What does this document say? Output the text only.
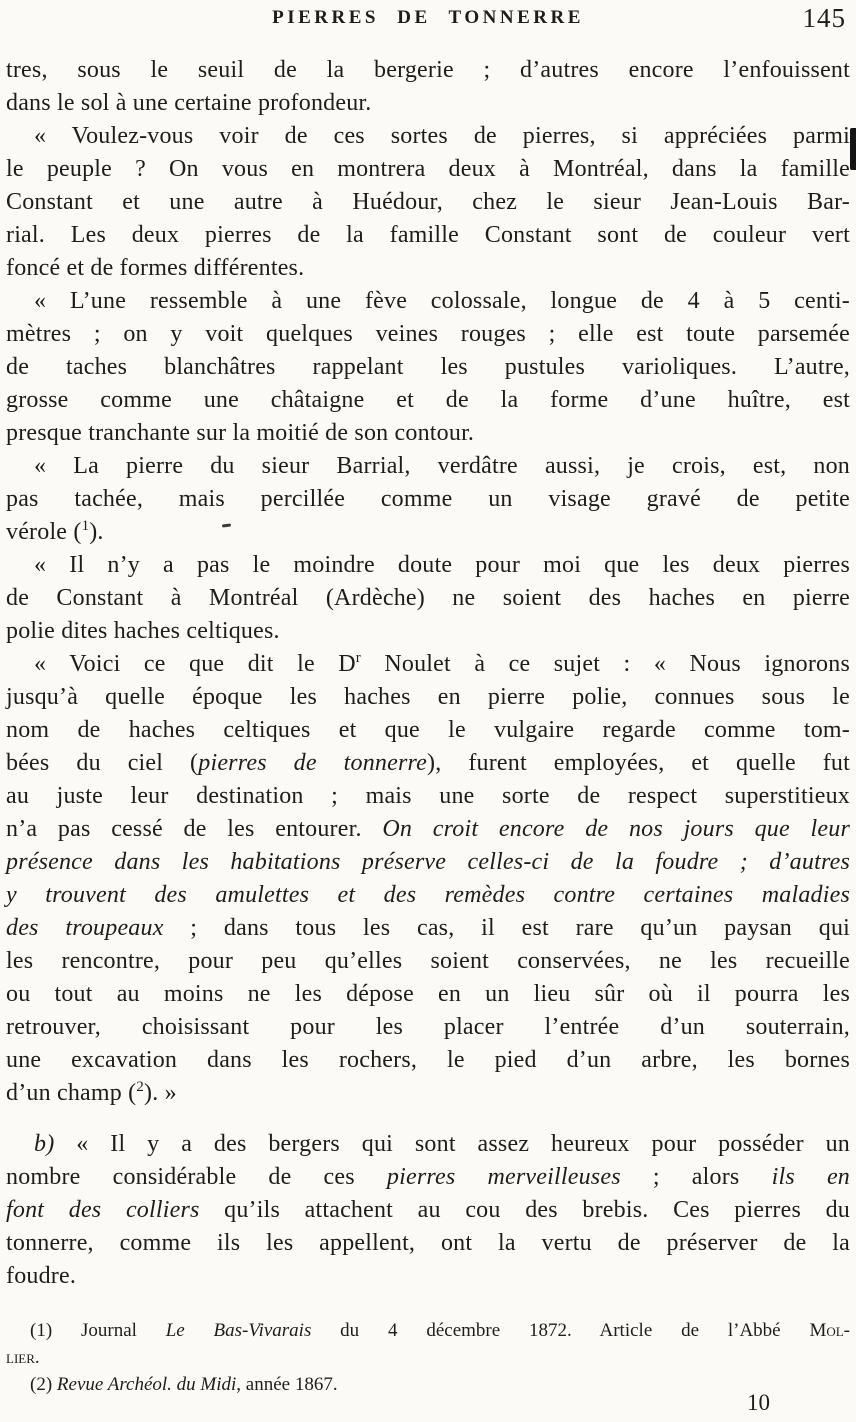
PIERRES DE TONNERRE	145
tres, sous le seuil de la bergerie ; d’autres encore l’enfouissent
dans le sol à une certaine profondeur.
« Voulez-vous voir de ces sortes de pierres, si appréciées parmi
le peuple ? On vous en montrera deux à Montréal, dans la famille
Constant et une autre à Huédour, chez le sieur Jean-Louis Bar-
rial. Les deux pierres de la famille Constant sont de couleur vert
foncé et de formes différentes.
« L’une ressemble à une fève colossale, longue de 4 à 5 centi-
mètres ; on y voit quelques veines rouges ; elle est toute parsemée
de taches blanchâtres rappelant les pustules varioliques. L’autre,
grosse comme une châtaigne et de la forme d’une huître, est
presque tranchante sur la moitié de son contour.
« La pierre du sieur Barrial, verdâtre aussi, je crois, est, non
pas tachée, mais percillée comme un visage gravé de petite
vérole ($^1$).
« Il n’y a pas le moindre doute pour moi que les deux pierres
de Constant à Montréal (Ardèche) ne soient des haches en pierre
polie dites haches celtiques.
« Voici ce que dit le $D^r$ Noulet à ce sujet : « Nous ignorons
jusqu’à quelle époque les haches en pierre polie, connues sous le
nom de haches celtiques et que le vulgaire regarde comme tom-
bées du ciel (pierres de tonnerre), furent employées, et quelle fut
au juste leur destination ; mais une sorte de respect superstitieux
n’a pas cessé de les entourer. On croit encore de nos jours que leur
présence dans les habitations préserve celles-ci de la foudre ; d’autres
y trouvent des amulettes et des remèdes contre certaines maladies
des troupeaux ; dans tous les cas, il est rare qu’un paysan qui
les rencontre, pour peu qu’elles soient conservées, ne les recueille
ou tout au moins ne les dépose en un lieu sûr où il pourra les
retrouver, choisissant pour les placer l’entrée d’un souterrain,
une excavation dans les rochers, le pied d’un arbre, les bornes
d’un champ ($^2$). »
b) « Il y a des bergers qui sont assez heureux pour posséder un
nombre considérable de ces pierres merveilleuses ; alors ils en
font des colliers qu’ils attachent au cou des brebis. Ces pierres du
tonnerre, comme ils les appellent, ont la vertu de préserver de la
foudre.
(1) Journal Le Bas-Vivarais du 4 décembre 1872. Article de l’Abbé Mol-
lier.
(2) Revue Archéol. du Midi, année 1867.
10
